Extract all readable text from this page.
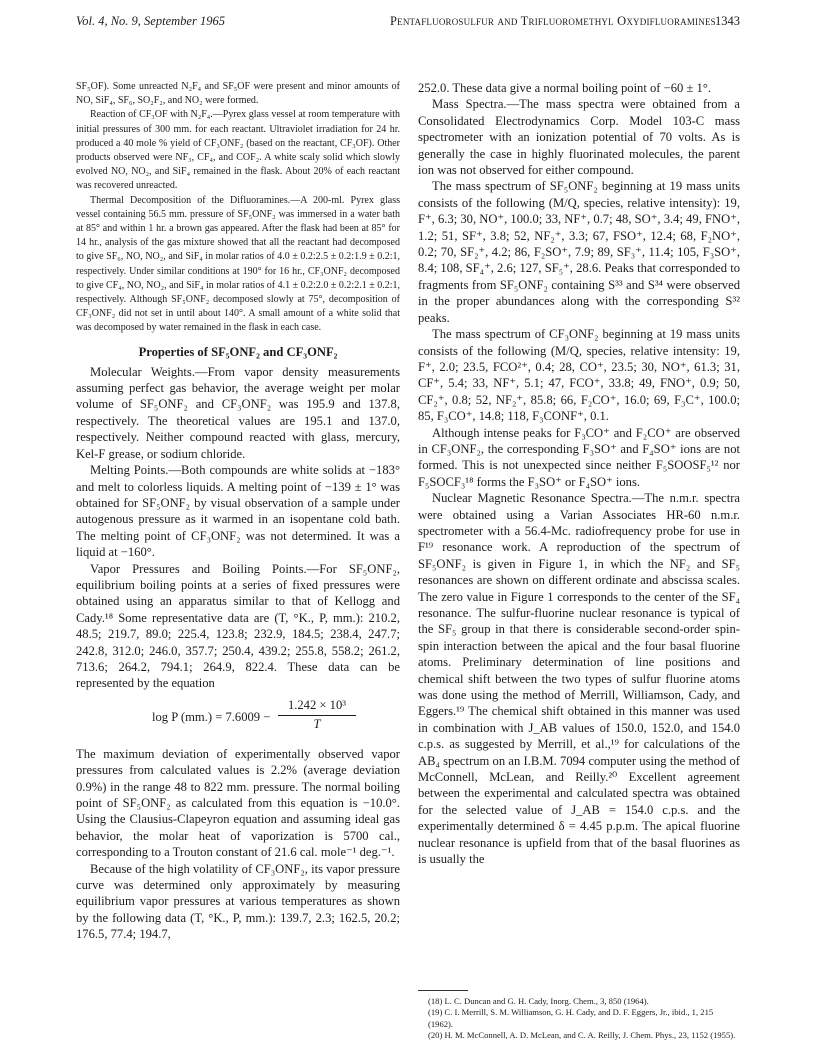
Vol. 4, No. 9, September 1965	Pentafluorosulfur and Trifluoromethyl Oxydifluoramines 1343

SF₅OF). Some unreacted N₂F₄ and SF₅OF were present and minor amounts of NO, SiF₄, SF₆, SO₂F₂, and NO₂ were formed.

Reaction of CF₃OF with N₂F₄.—Pyrex glass vessel at room temperature with initial pressures of 300 mm. for each reactant. Ultraviolet irradiation for 24 hr. produced a 40 mole % yield of CF₃ONF₂ (based on the reactant, CF₃OF). Other products observed were NF₃, CF₄, and COF₂. A white scaly solid which slowly evolved NO, NO₂, and SiF₄ remained in the flask. About 20% of each reactant was recovered unreacted.

Thermal Decomposition of the Difluoramines.—A 200-ml. Pyrex glass vessel containing 56.5 mm. pressure of SF₅ONF₂ was immersed in a water bath at 85° and within 1 hr. a brown gas appeared. After the flask had been at 85° for 14 hr., analysis of the gas mixture showed that all the reactant had decomposed to give SF₆, NO, NO₂, and SiF₄ in molar ratios of 4.0 ± 0.2:2.5 ± 0.2:1.9 ± 0.2:1, respectively. Under similar conditions at 190° for 16 hr., CF₃ONF₂ decomposed to give CF₄, NO, NO₂, and SiF₄ in molar ratios of 4.1 ± 0.2:2.0 ± 0.2:2.1 ± 0.2:1, respectively. Although SF₅ONF₂ decomposed slowly at 75°, decomposition of CF₃ONF₂ did not set in until about 140°. A small amount of a white solid that was decomposed by water remained in the flask in each case.

Properties of SF₅ONF₂ and CF₃ONF₂

Molecular Weights.—From vapor density measurements assuming perfect gas behavior, the average weight per molar volume of SF₅ONF₂ and CF₃ONF₂ was 195.9 and 137.8, respectively. The theoretical values are 195.1 and 137.0, respectively. Neither compound reacted with glass, mercury, Kel-F grease, or sodium chloride.

Melting Points.—Both compounds are white solids at −183° and melt to colorless liquids. A melting point of −139 ± 1° was obtained for SF₅ONF₂ by visual observation of a sample under autogenous pressure as it warmed in an isopentane cold bath. The melting point of CF₃ONF₂ was not determined. It was a liquid at −160°.

Vapor Pressures and Boiling Points.—For SF₅ONF₂, equilibrium boiling points at a series of fixed pressures were obtained using an apparatus similar to that of Kellogg and Cady.¹⁸ Some representative data are (T, °K., P, mm.): 210.2, 48.5; 219.7, 89.0; 225.4, 123.8; 232.9, 184.5; 238.4, 247.7; 242.8, 312.0; 246.0, 357.7; 250.4, 439.2; 255.8, 558.2; 261.2, 713.6; 264.2, 794.1; 264.9, 822.4. These data can be represented by the equation

log P $(mm.) = 7.6009 - \frac{\text{1.242 × 10³}}{T}$

The maximum deviation of experimentally observed vapor pressures from calculated values is 2.2% (average deviation 0.9%) in the range 48 to 822 mm. pressure. The normal boiling point of SF₅ONF₂ as calculated from this equation is −10.0°. Using the Clausius-Clapeyron equation and assuming ideal gas behavior, the molar heat of vaporization is 5700 cal., corresponding to a Trouton constant of 21.6 cal. mole⁻¹ deg.⁻¹.

Because of the high volatility of CF₃ONF₂, its vapor pressure curve was determined only approximately by measuring equilibrium vapor pressures at various temperatures as shown by the following data (T, °K., P, mm.): 139.7, 2.3; 162.5, 20.2; 176.5, 77.4; 194.7,

252.0. These data give a normal boiling point of −60 ± 1°.

Mass Spectra.—The mass spectra were obtained from a Consolidated Electrodynamics Corp. Model 103-C mass spectrometer with an ionization potential of 70 volts. As is generally the case in highly fluorinated molecules, the parent ion was not observed for either compound.

The mass spectrum of SF₅ONF₂ beginning at 19 mass units consists of the following (M/Q, species, relative intensity): 19, F⁺, 6.3; 30, NO⁺, 100.0; 33, NF⁺, 0.7; 48, SO⁺, 3.4; 49, FNO⁺, 1.2; 51, SF⁺, 3.8; 52, NF₂⁺, 3.3; 67, FSO⁺, 12.4; 68, F₂NO⁺, 0.2; 70, SF₂⁺, 4.2; 86, F₂SO⁺, 7.9; 89, SF₃⁺, 11.4; 105, F₃SO⁺, 8.4; 108, SF₄⁺, 2.6; 127, SF₅⁺, 28.6. Peaks that corresponded to fragments from SF₅ONF₂ containing S³³ and S³⁴ were observed in the proper abundances along with the corresponding S³² peaks.

The mass spectrum of CF₃ONF₂ beginning at 19 mass units consists of the following (M/Q, species, relative intensity: 19, F⁺, 2.0; 23.5, FCO²⁺, 0.4; 28, CO⁺, 23.5; 30, NO⁺, 61.3; 31, CF⁺, 5.4; 33, NF⁺, 5.1; 47, FCO⁺, 33.8; 49, FNO⁺, 0.9; 50, CF₂⁺, 0.8; 52, NF₂⁺, 85.8; 66, F₂CO⁺, 16.0; 69, F₃C⁺, 100.0; 85, F₃CO⁺, 14.8; 118, F₃CONF⁺, 0.1.

Although intense peaks for F₃CO⁺ and F₂CO⁺ are observed in CF₃ONF₂, the corresponding F₃SO⁺ and F₄SO⁺ ions are not formed. This is not unexpected since neither F₅SOOSF₅¹² nor F₅SOCF₃¹⁸ forms the F₃SO⁺ or F₄SO⁺ ions.

Nuclear Magnetic Resonance Spectra.—The n.m.r. spectra were obtained using a Varian Associates HR-60 n.m.r. spectrometer with a 56.4-Mc. radiofrequency probe for use in F¹⁹ resonance work. A reproduction of the spectrum of SF₅ONF₂ is given in Figure 1, in which the NF₂ and SF₅ resonances are shown on different ordinate and abscissa scales. The zero value in Figure 1 corresponds to the center of the SF₄ resonance. The sulfur-fluorine nuclear resonance is typical of the SF₅ group in that there is considerable second-order spin-spin interaction between the apical and the four basal fluorine atoms. Preliminary determination of line positions and chemical shift between the two types of sulfur fluorine atoms was done using the method of Merrill, Williamson, Cady, and Eggers.¹⁹ The chemical shift obtained in this manner was used in combination with J_AB values of 150.0, 152.0, and 154.0 c.p.s. as suggested by Merrill, et al.,¹⁹ for calculations of the AB₄ spectrum on an I.B.M. 7094 computer using the method of McConnell, McLean, and Reilly.²⁰ Excellent agreement between the experimental and calculated spectra was obtained for the selected value of J_AB = 154.0 c.p.s. and the experimentally determined δ = 4.45 p.p.m. The apical fluorine nuclear resonance is upfield from that of the basal fluorines as is usually the

(18) L. C. Duncan and G. H. Cady, Inorg. Chem., 3, 850 (1964).

(19) C. I. Merrill, S. M. Williamson, G. H. Cady, and D. F. Eggers, Jr., ibid., 1, 215 (1962).

(20) H. M. McConnell, A. D. McLean, and C. A. Reilly, J. Chem. Phys., 23, 1152 (1955).
